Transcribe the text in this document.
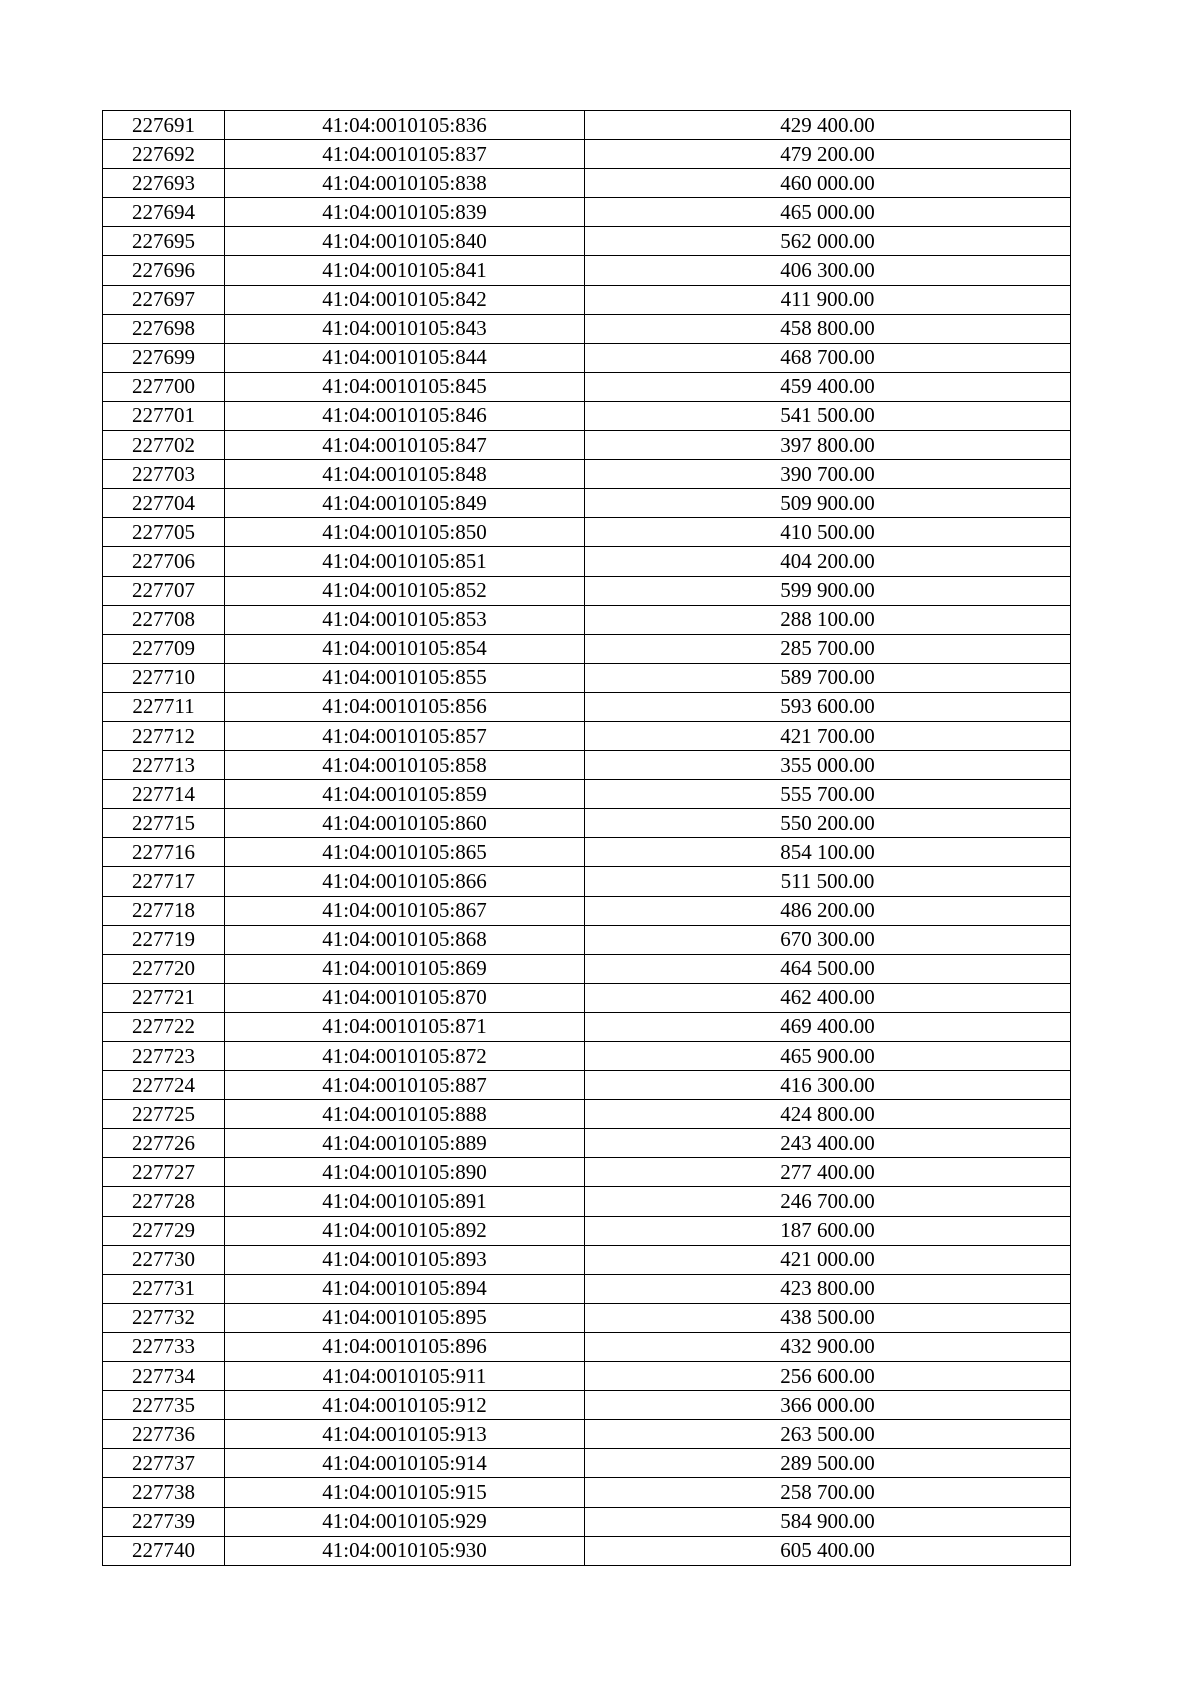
227691	41:04:0010105:836	429 400.00
227692	41:04:0010105:837	479 200.00
227693	41:04:0010105:838	460 000.00
227694	41:04:0010105:839	465 000.00
227695	41:04:0010105:840	562 000.00
227696	41:04:0010105:841	406 300.00
227697	41:04:0010105:842	411 900.00
227698	41:04:0010105:843	458 800.00
227699	41:04:0010105:844	468 700.00
227700	41:04:0010105:845	459 400.00
227701	41:04:0010105:846	541 500.00
227702	41:04:0010105:847	397 800.00
227703	41:04:0010105:848	390 700.00
227704	41:04:0010105:849	509 900.00
227705	41:04:0010105:850	410 500.00
227706	41:04:0010105:851	404 200.00
227707	41:04:0010105:852	599 900.00
227708	41:04:0010105:853	288 100.00
227709	41:04:0010105:854	285 700.00
227710	41:04:0010105:855	589 700.00
227711	41:04:0010105:856	593 600.00
227712	41:04:0010105:857	421 700.00
227713	41:04:0010105:858	355 000.00
227714	41:04:0010105:859	555 700.00
227715	41:04:0010105:860	550 200.00
227716	41:04:0010105:865	854 100.00
227717	41:04:0010105:866	511 500.00
227718	41:04:0010105:867	486 200.00
227719	41:04:0010105:868	670 300.00
227720	41:04:0010105:869	464 500.00
227721	41:04:0010105:870	462 400.00
227722	41:04:0010105:871	469 400.00
227723	41:04:0010105:872	465 900.00
227724	41:04:0010105:887	416 300.00
227725	41:04:0010105:888	424 800.00
227726	41:04:0010105:889	243 400.00
227727	41:04:0010105:890	277 400.00
227728	41:04:0010105:891	246 700.00
227729	41:04:0010105:892	187 600.00
227730	41:04:0010105:893	421 000.00
227731	41:04:0010105:894	423 800.00
227732	41:04:0010105:895	438 500.00
227733	41:04:0010105:896	432 900.00
227734	41:04:0010105:911	256 600.00
227735	41:04:0010105:912	366 000.00
227736	41:04:0010105:913	263 500.00
227737	41:04:0010105:914	289 500.00
227738	41:04:0010105:915	258 700.00
227739	41:04:0010105:929	584 900.00
227740	41:04:0010105:930	605 400.00
